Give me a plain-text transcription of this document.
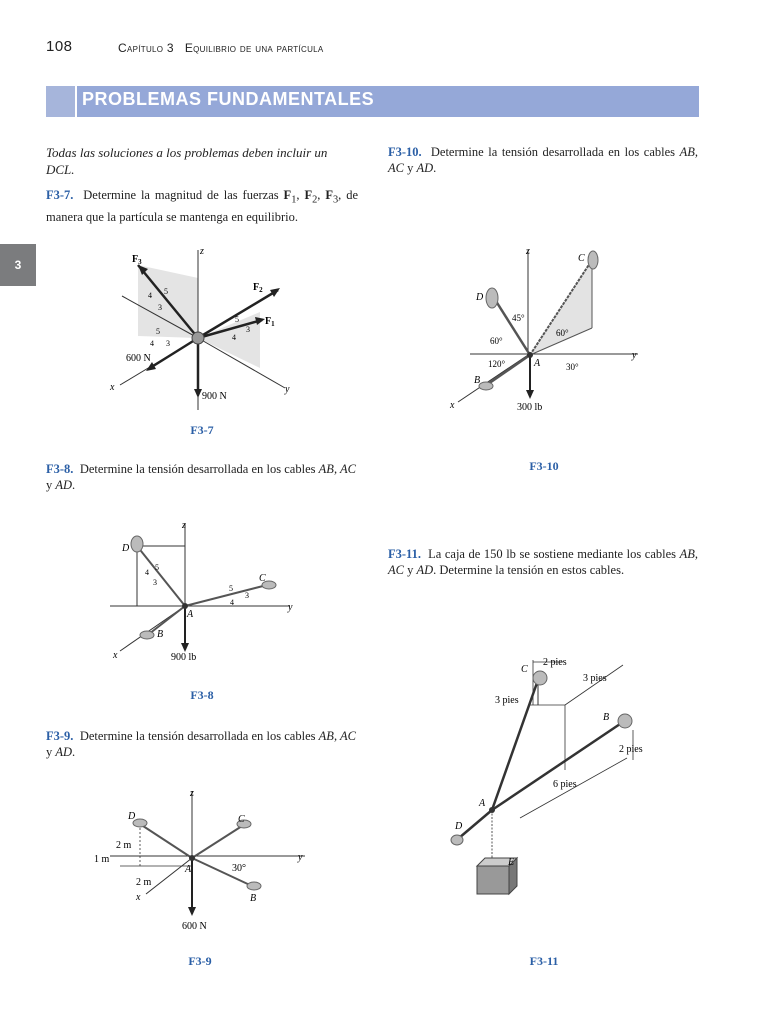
108	Capítulo 3 Equilibrio de una partícula
PROBLEMAS FUNDAMENTALES
3
Todas las soluciones a los problemas deben incluir un DCL.
F3-7. Determine la magnitud de las fuerzas $F_1$, $F_2$, $F_3$, de manera que la partícula se mantenga en equilibrio.
F3-8. Determine la tensión desarrollada en los cables AB, AC y AD.
F3-9. Determine la tensión desarrollada en los cables AB, AC y AD.
F3-10. Determine la tensión desarrollada en los cables AB, AC y AD.
F3-11. La caja de 150 lb se sostiene mediante los cables AB, AC y AD. Determine la tensión en estos cables.
z
x	y
$F_3$
$F_2$
$F_1$
5
4
3
5
4 3
5
4
3
600 N
900 N
F3-7
z
y
x
D
C
A
B
5
4
3
5
4
3
900 lb
F3-8
z
y
x
D	C
A
B
2 m
1 m
2 m
30°
600 N
F3-9
z
y
x
D
C
A
B
45°
60°
60°
120°	30°
300 lb
F3-10
C
B
A
D
E
2 pies
3 pies
3 pies
2 pies
6 pies
F3-11
